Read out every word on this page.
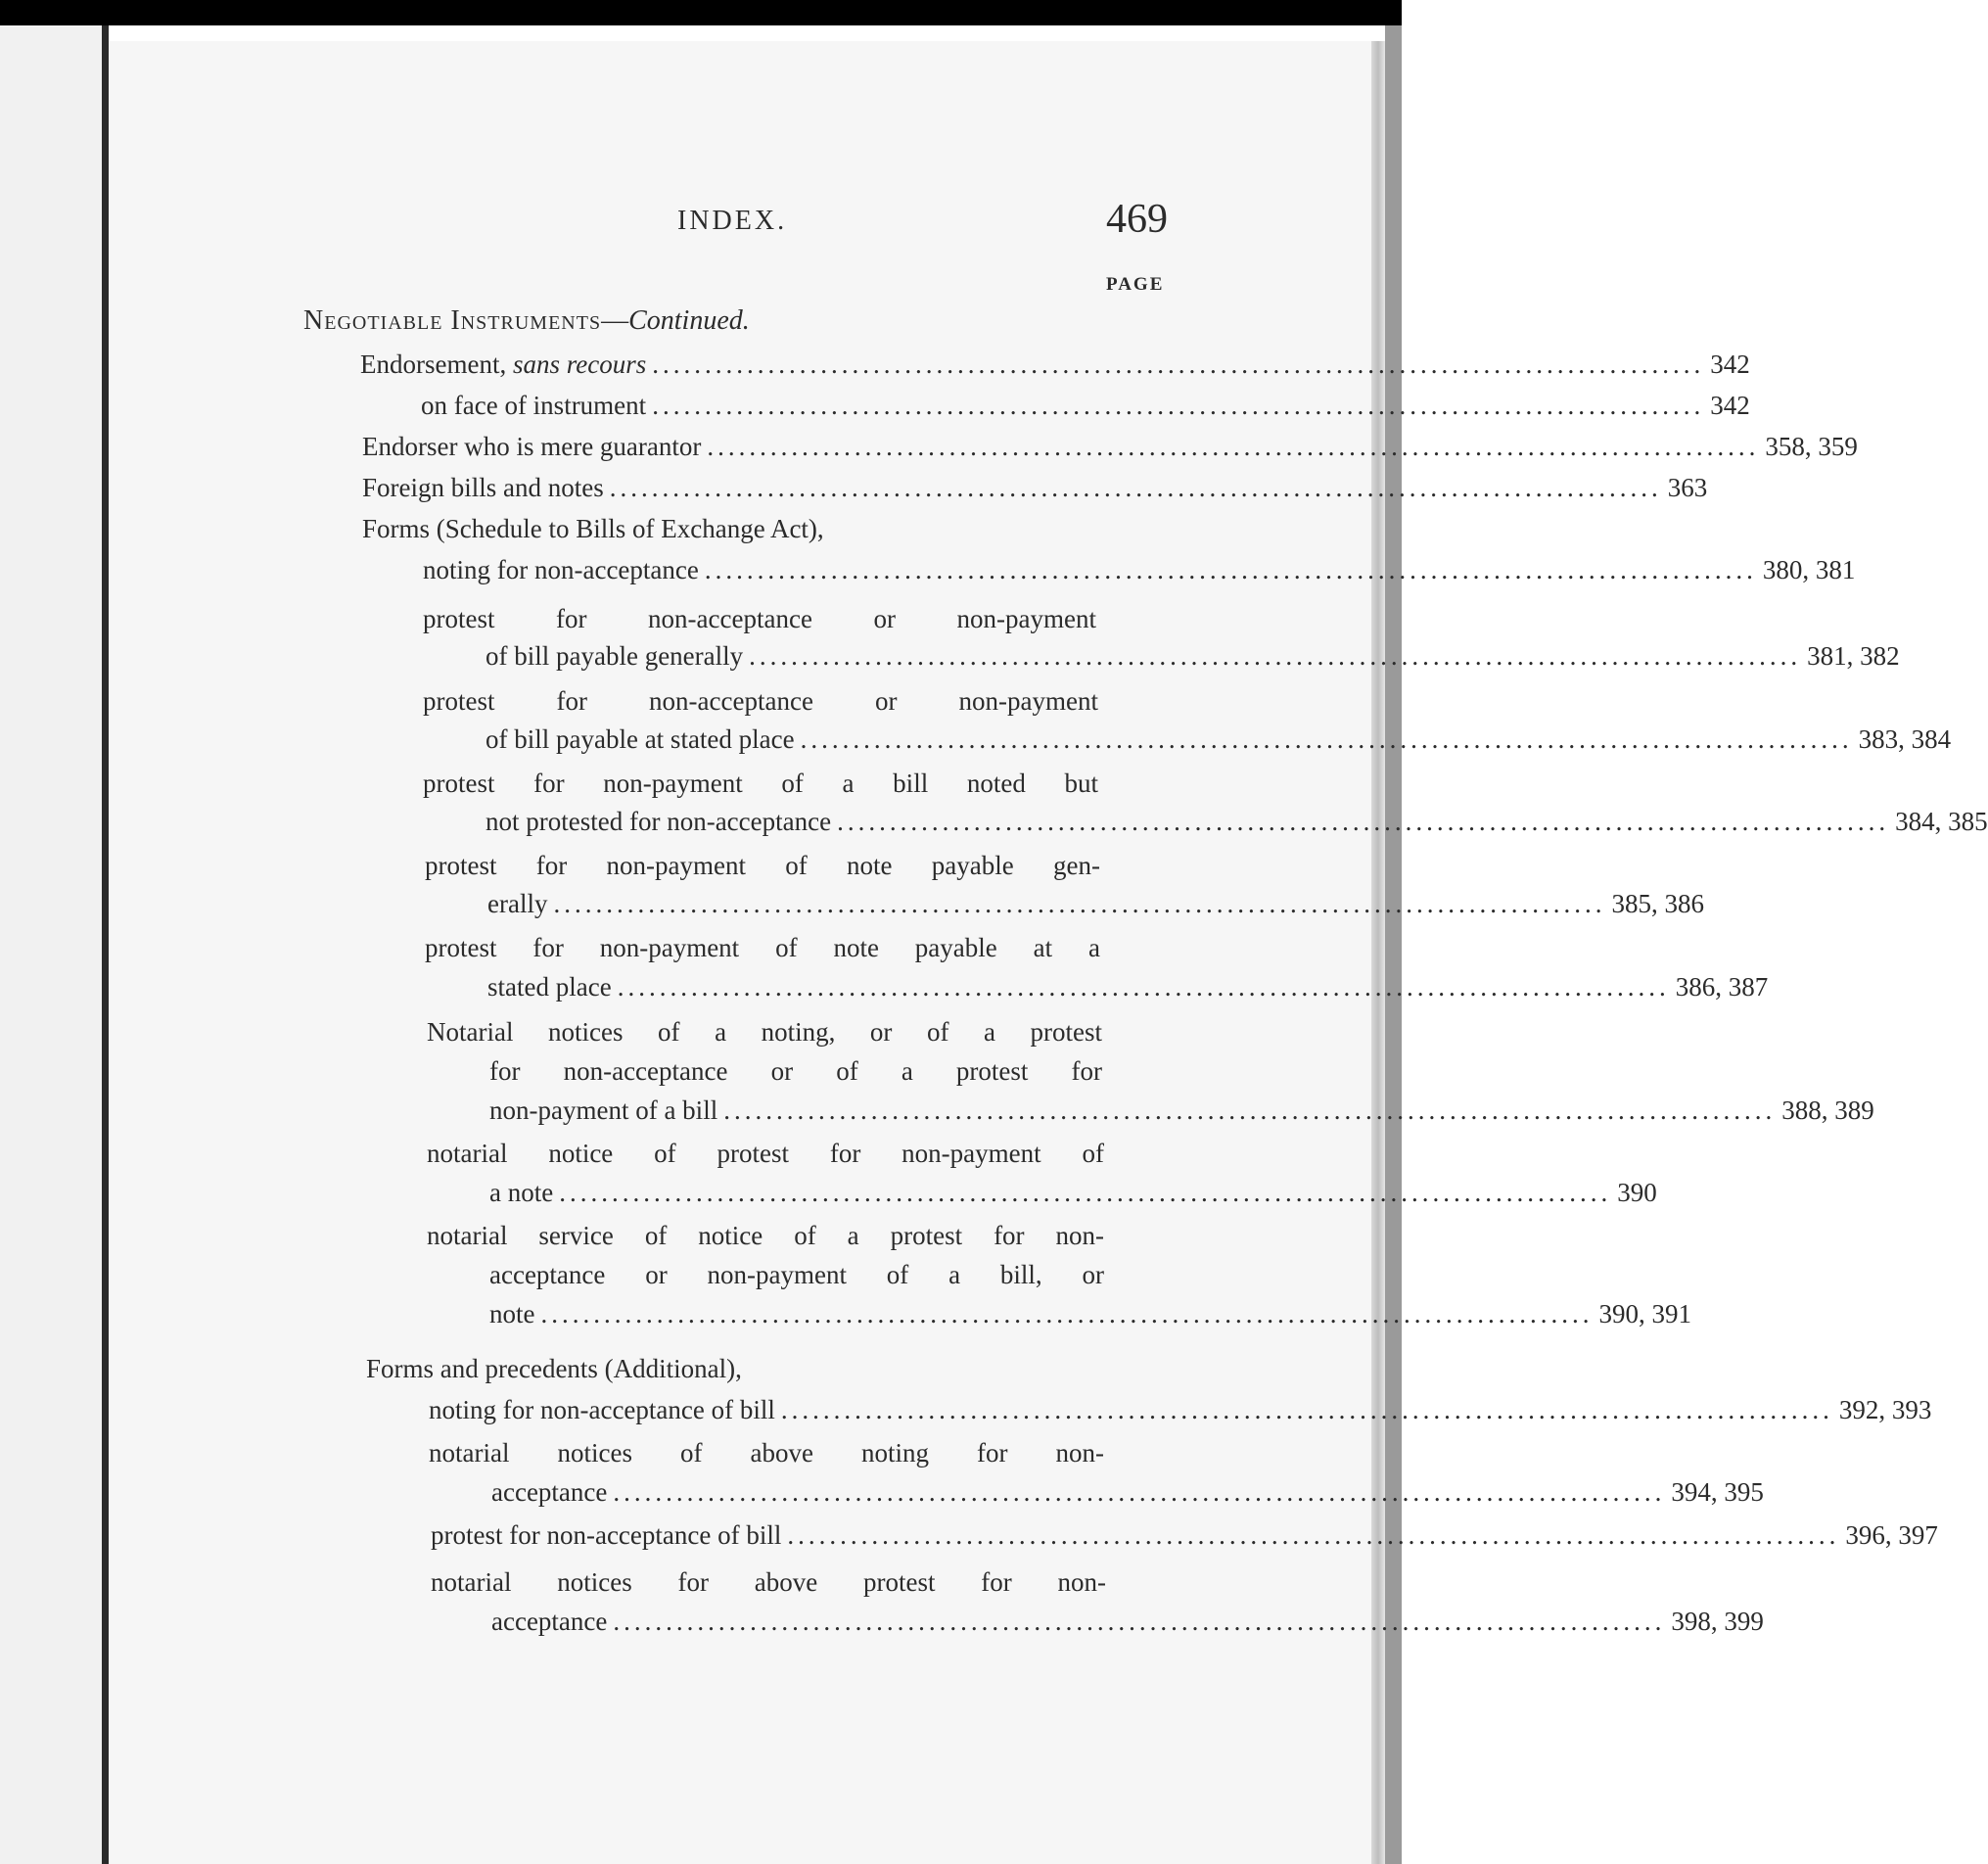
INDEX.	469
PAGE
Negotiable Instruments—Continued.
Endorsement, sans recours .................................................................................................... 342
on face of instrument .................................................................................................... 342
Endorser who is mere guarantor .................................................................................................... 358, 359
Foreign bills and notes .................................................................................................... 363
Forms (Schedule to Bills of Exchange Act),
noting for non-acceptance .................................................................................................... 380, 381
protest for non-acceptance or non-payment
of bill payable generally .................................................................................................... 381, 382
protest for non-acceptance or non-payment
of bill payable at stated place .................................................................................................... 383, 384
protest for non-payment of a bill noted but
not protested for non-acceptance .................................................................................................... 384, 385
protest for non-payment of note payable gen-
erally .................................................................................................... 385, 386
protest for non-payment of note payable at a
stated place .................................................................................................... 386, 387
Notarial notices of a noting, or of a protest
for non-acceptance or of a protest for
non-payment of a bill .................................................................................................... 388, 389
notarial notice of protest for non-payment of
a note .................................................................................................... 390
notarial service of notice of a protest for non-
acceptance or non-payment of a bill, or
note .................................................................................................... 390, 391
Forms and precedents (Additional),
noting for non-acceptance of bill .................................................................................................... 392, 393
notarial notices of above noting for non-
acceptance .................................................................................................... 394, 395
protest for non-acceptance of bill .................................................................................................... 396, 397
notarial notices for above protest for non-
acceptance .................................................................................................... 398, 399
